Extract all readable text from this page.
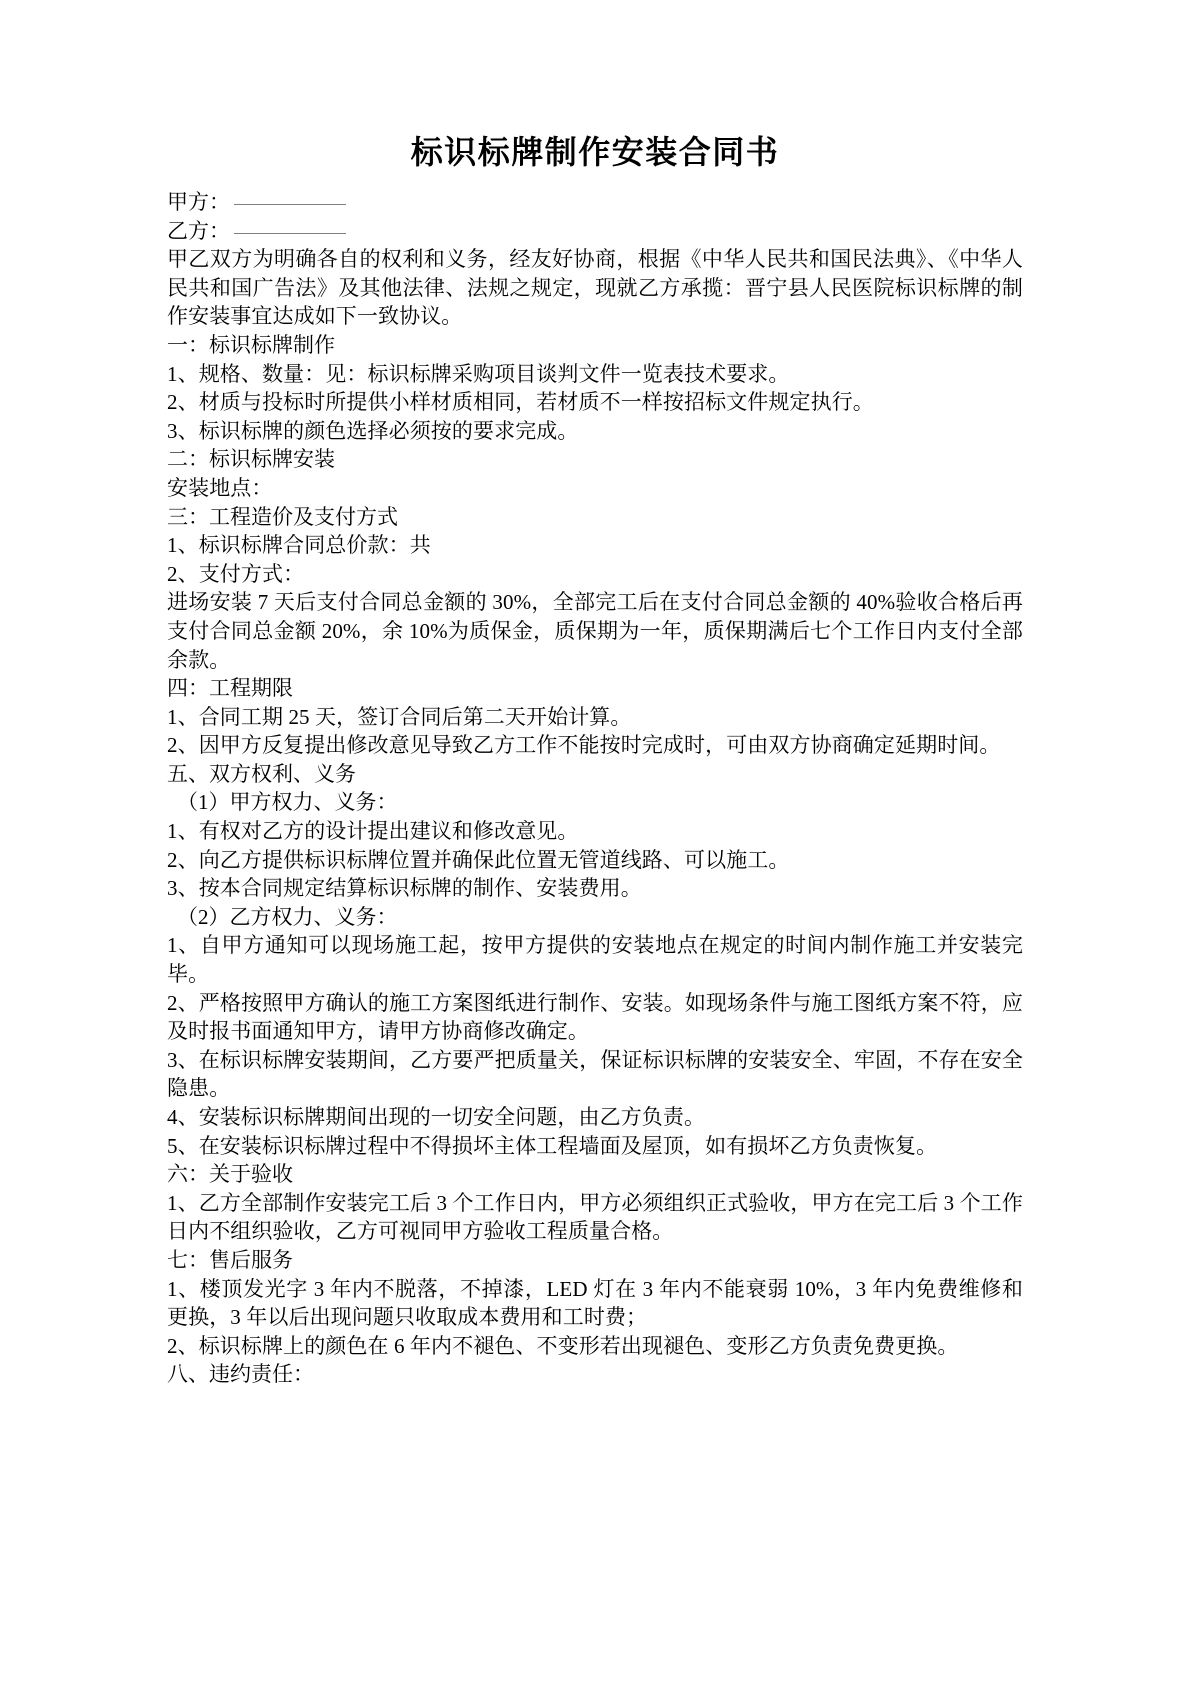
标识标牌制作安装合同书

甲方：

乙方：

甲乙双方为明确各自的权利和义务，经友好协商，根据《中华人民共和国民法典》、《中华人民共和国广告法》及其他法律、法规之规定，现就乙方承揽：晋宁县人民医院标识标牌的制作安装事宜达成如下一致协议。

一：标识标牌制作

1、规格、数量：见：标识标牌采购项目谈判文件一览表技术要求。

2、材质与投标时所提供小样材质相同，若材质不一样按招标文件规定执行。

3、标识标牌的颜色选择必须按的要求完成。

二：标识标牌安装

安装地点：

三：工程造价及支付方式

1、标识标牌合同总价款：共

2、支付方式：

进场安装 7 天后支付合同总金额的 30%，全部完工后在支付合同总金额的 40%验收合格后再支付合同总金额 20%，余 10%为质保金，质保期为一年，质保期满后七个工作日内支付全部余款。

四：工程期限

1、合同工期 25 天，签订合同后第二天开始计算。

2、因甲方反复提出修改意见导致乙方工作不能按时完成时，可由双方协商确定延期时间。

五、双方权利、义务

（1）甲方权力、义务：

1、有权对乙方的设计提出建议和修改意见。

2、向乙方提供标识标牌位置并确保此位置无管道线路、可以施工。

3、按本合同规定结算标识标牌的制作、安装费用。

（2）乙方权力、义务：

1、自甲方通知可以现场施工起，按甲方提供的安装地点在规定的时间内制作施工并安装完毕。

2、严格按照甲方确认的施工方案图纸进行制作、安装。如现场条件与施工图纸方案不符，应及时报书面通知甲方，请甲方协商修改确定。

3、在标识标牌安装期间，乙方要严把质量关，保证标识标牌的安装安全、牢固，不存在安全隐患。

4、安装标识标牌期间出现的一切安全问题，由乙方负责。

5、在安装标识标牌过程中不得损坏主体工程墙面及屋顶，如有损坏乙方负责恢复。

六：关于验收

1、乙方全部制作安装完工后 3 个工作日内，甲方必须组织正式验收，甲方在完工后 3 个工作日内不组织验收，乙方可视同甲方验收工程质量合格。

七：售后服务

1、楼顶发光字 3 年内不脱落，不掉漆，LED 灯在 3 年内不能衰弱 10%，3 年内免费维修和更换，3 年以后出现问题只收取成本费用和工时费；

2、标识标牌上的颜色在 6 年内不褪色、不变形若出现褪色、变形乙方负责免费更换。

八、违约责任：
